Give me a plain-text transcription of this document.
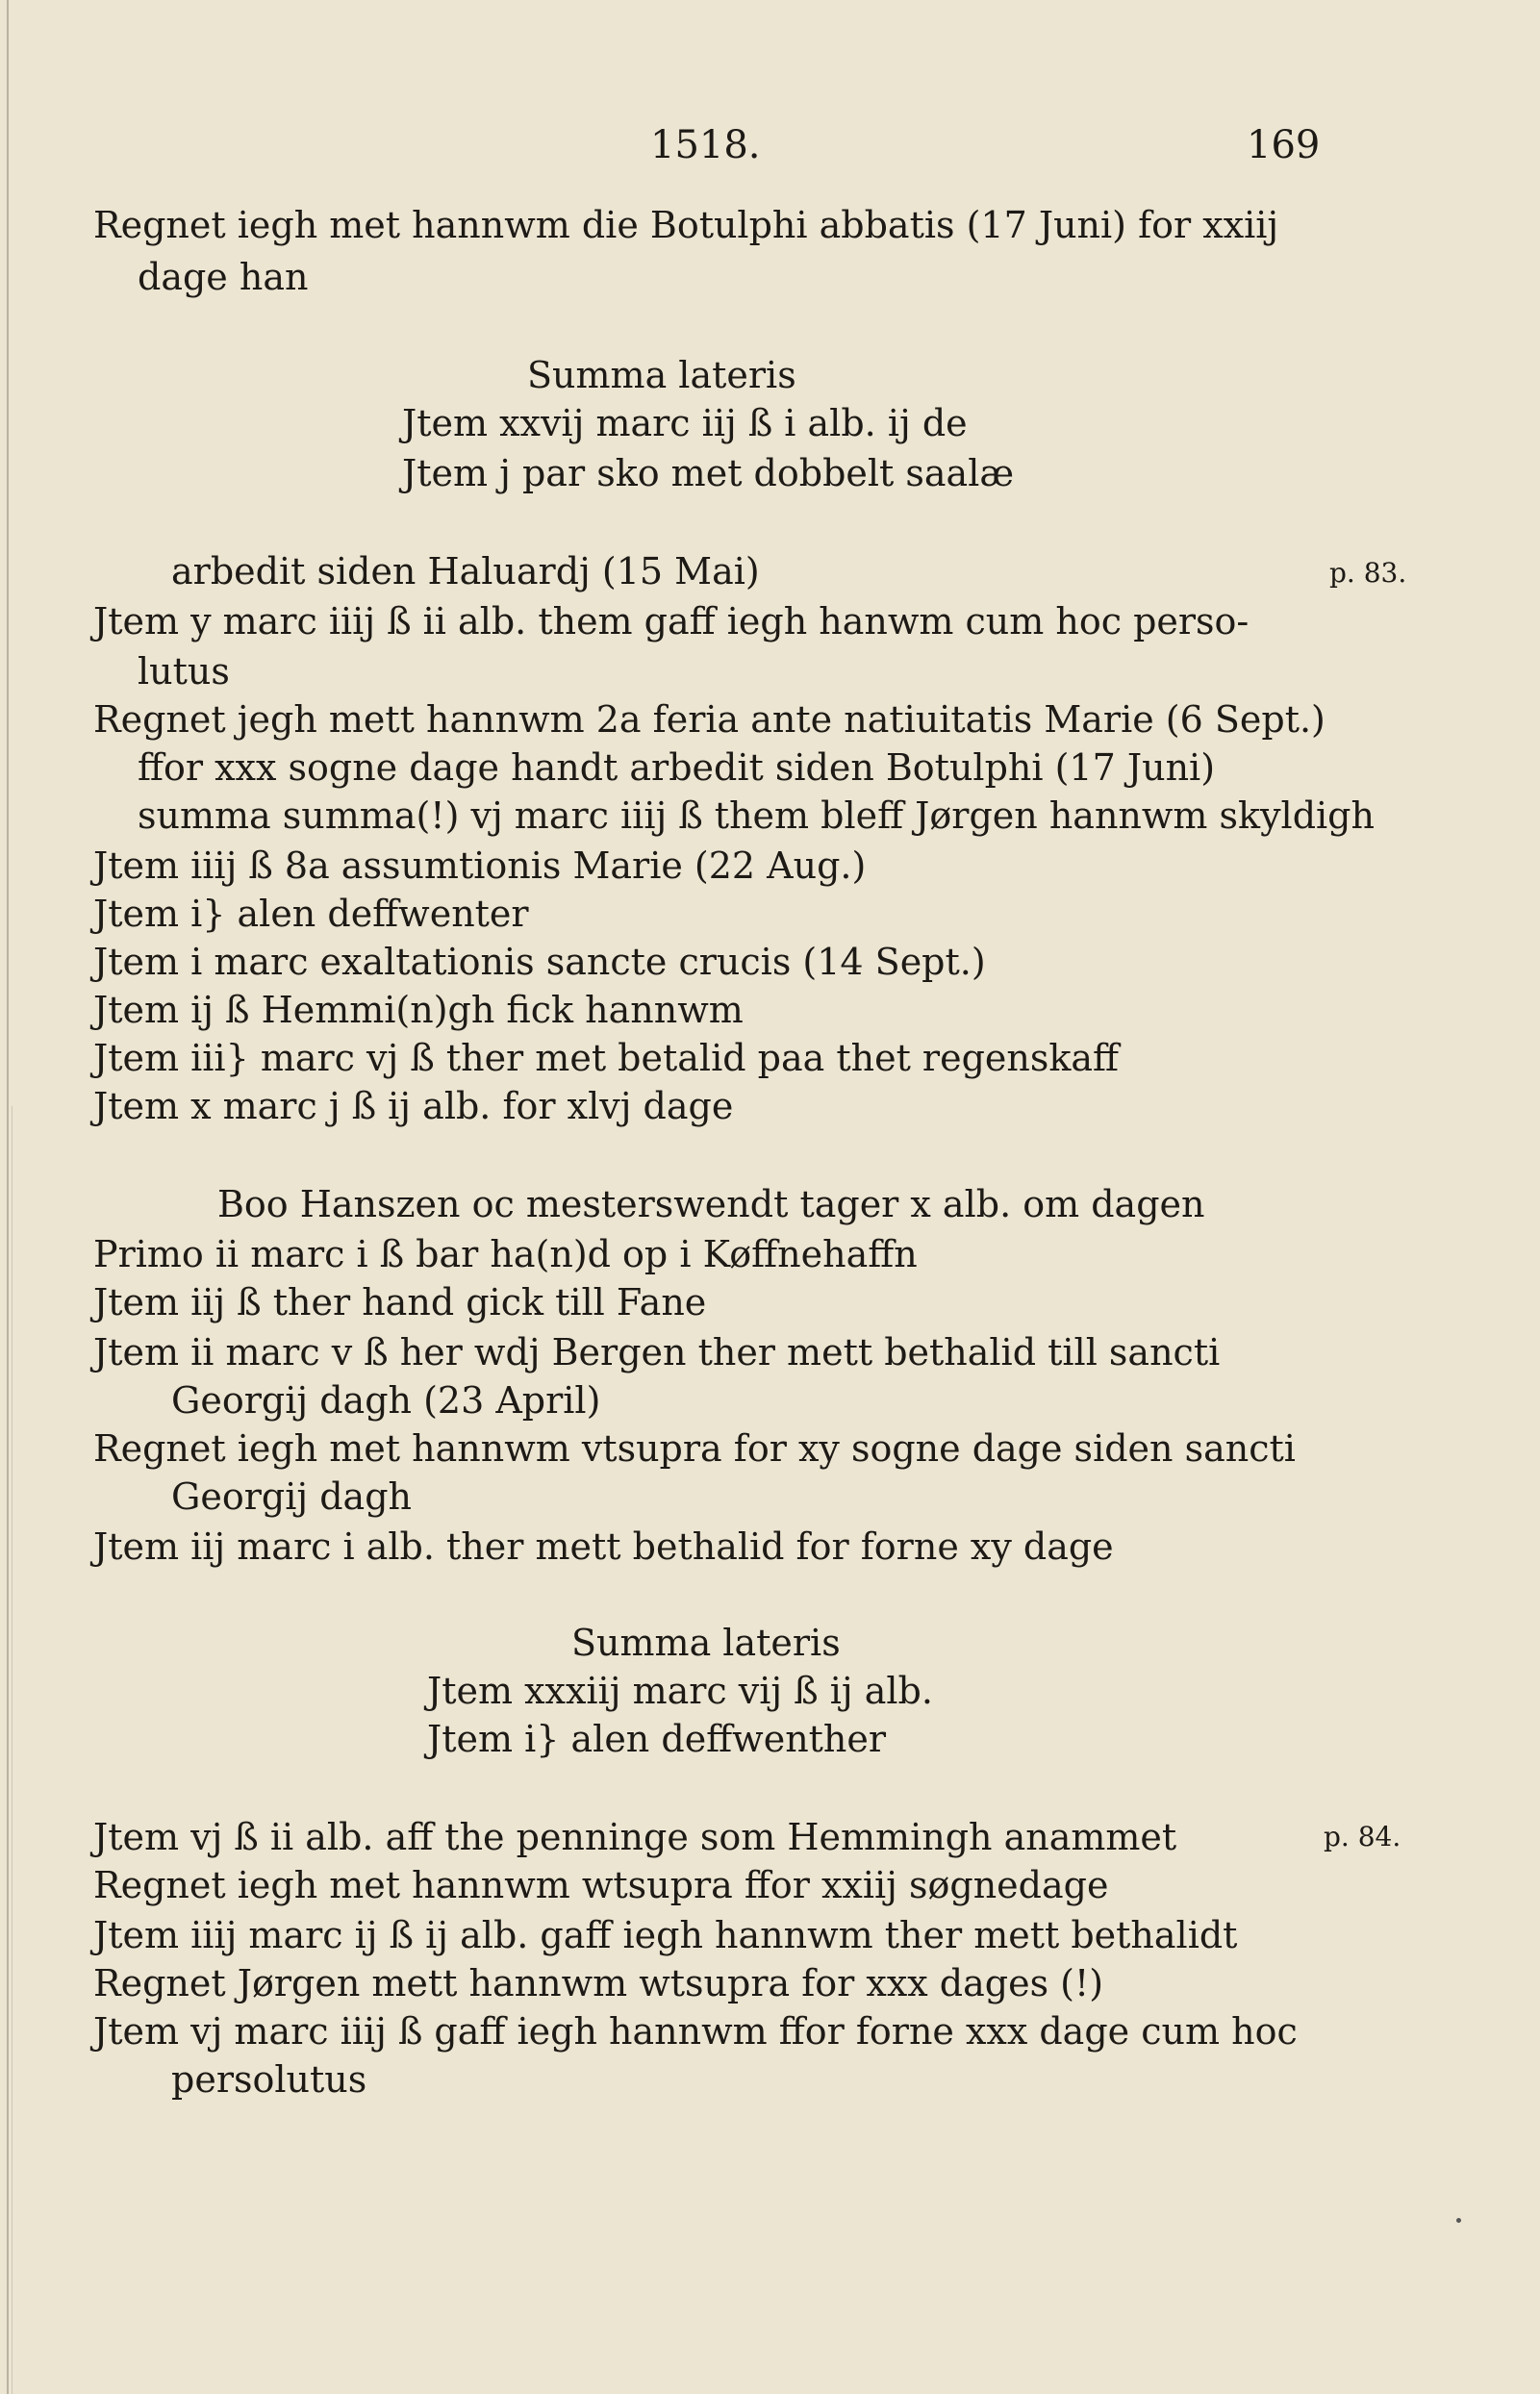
1518.	169
Regnet iegh met hannwm die Botulphi abbatis (17 Juni) for xxiij
dage han
Summa lateris
Jtem xxvij marc iij ß i alb. ij de
Jtem j par sko met dobbelt saalæ
arbedit siden Haluardj (15 Mai)	p. 83.
Jtem y marc iiij ß ii alb. them gaff iegh hanwm cum hoc perso-
lutus
Regnet jegh mett hannwm 2a feria ante natiuitatis Marie (6 Sept.)
ffor xxx sogne dage handt arbedit siden Botulphi (17 Juni)
summa summa(!) vj marc iiij ß them bleff Jørgen hannwm skyldigh
Jtem iiij ß 8a assumtionis Marie (22 Aug.)
Jtem i} alen deffwenter
Jtem i marc exaltationis sancte crucis (14 Sept.)
Jtem ij ß Hemmi(n)gh fick hannwm
Jtem iii} marc vj ß ther met betalid paa thet regenskaff
Jtem x marc j ß ij alb. for xlvj dage
Boo Hanszen oc mesterswendt tager x alb. om dagen
Primo ii marc i ß bar ha(n)d op i Køffnehaffn
Jtem iij ß ther hand gick till Fane
Jtem ii marc v ß her wdj Bergen ther mett bethalid till sancti
Georgij dagh (23 April)
Regnet iegh met hannwm vtsupra for xy sogne dage siden sancti
Georgij dagh
Jtem iij marc i alb. ther mett bethalid for forne xy dage
Summa lateris
Jtem xxxiij marc vij ß ij alb.
Jtem i} alen deffwenther
Jtem vj ß ii alb. aff the penninge som Hemmingh anammet	p. 84.
Regnet iegh met hannwm wtsupra ffor xxiij søgnedage
Jtem iiij marc ij ß ij alb. gaff iegh hannwm ther mett bethalidt
Regnet Jørgen mett hannwm wtsupra for xxx dages (!)
Jtem vj marc iiij ß gaff iegh hannwm ffor forne xxx dage cum hoc
persolutus
